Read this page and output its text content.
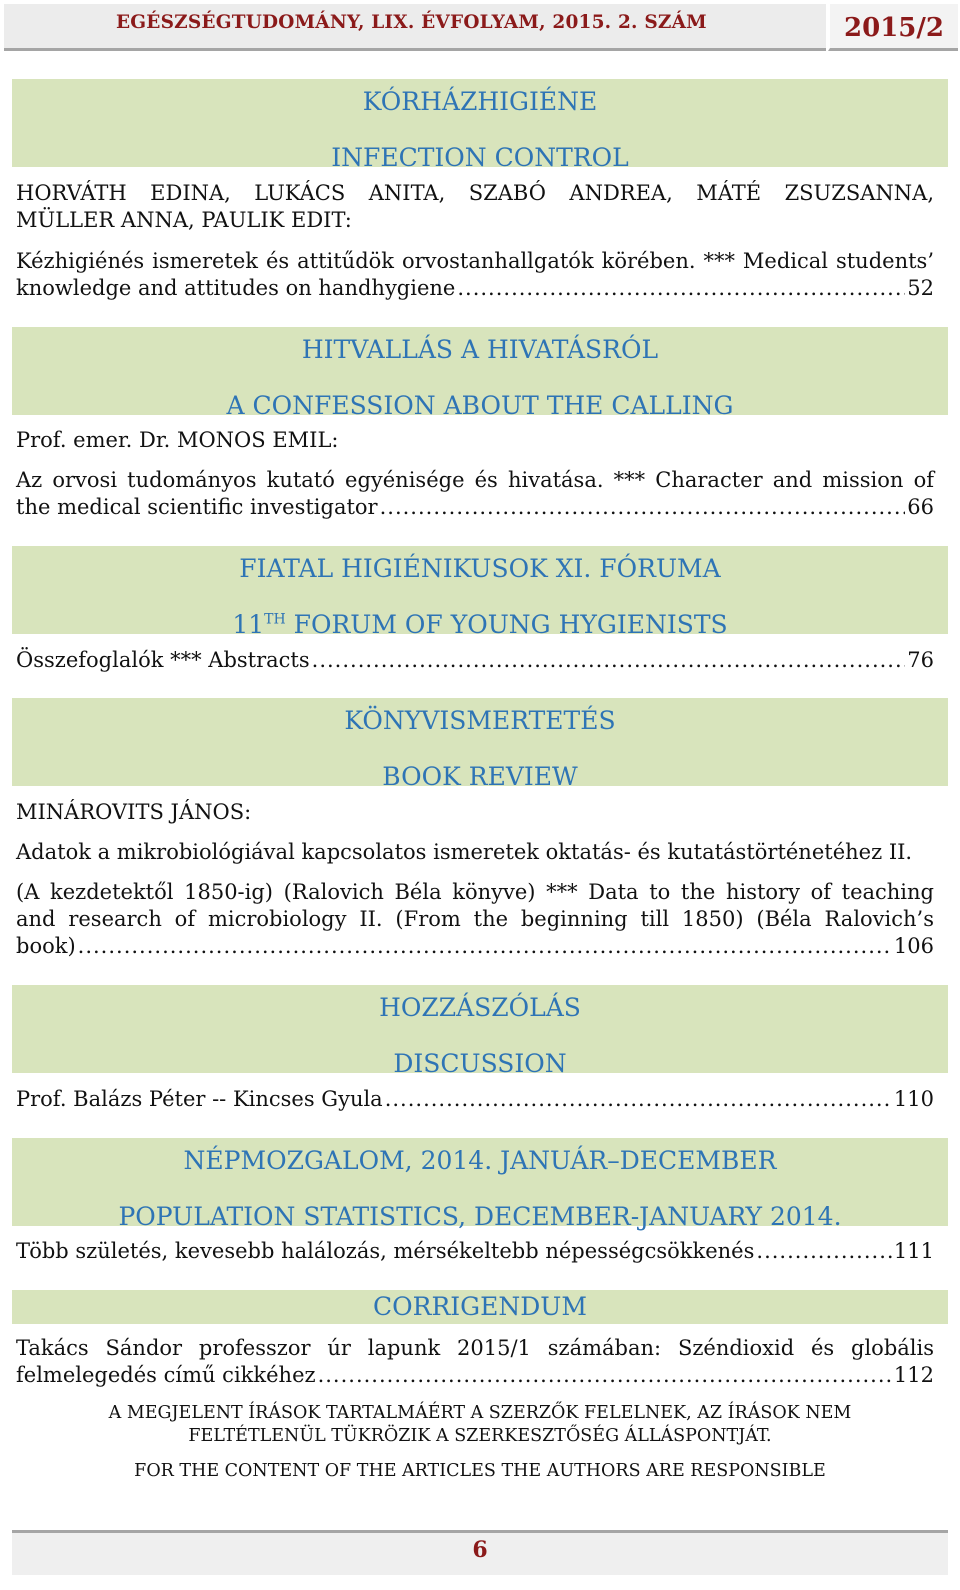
EGÉSZSÉGTUDOMÁNY, LIX. ÉVFOLYAM, 2015. 2. SZÁM	2015/2
KÓRHÁZHIGIÉNE
INFECTION CONTROL
HORVÁTH EDINA, LUKÁCS ANITA, SZABÓ ANDREA, MÁTÉ ZSUZSANNA,
MÜLLER ANNA, PAULIK EDIT:
Kézhigiénés ismeretek és attitűdök orvostanhallgatók körében. *** Medical students’
knowledge and attitudes on handhygiene .....	52
HITVALLÁS A HIVATÁSRÓL
A CONFESSION ABOUT THE CALLING
Prof. emer. Dr. MONOS EMIL:
Az orvosi tudományos kutató egyénisége és hivatása. *** Character and mission of
the medical scientific investigator .....	66
FIATAL HIGIÉNIKUSOK XI. FÓRUMA
11TH FORUM OF YOUNG HYGIENISTS
Összefoglalók *** Abstracts .....	76
KÖNYVISMERTETÉS
BOOK REVIEW
MINÁROVITS JÁNOS:
Adatok a mikrobiológiával kapcsolatos ismeretek oktatás- és kutatástörténetéhez II.
(A kezdetektől 1850-ig) (Ralovich Béla könyve) *** Data to the history of teaching
and research of microbiology II. (From the beginning till 1850) (Béla Ralovich’s
book) .....	106
HOZZÁSZÓLÁS
DISCUSSION
Prof. Balázs Péter -- Kincses Gyula .....	110
NÉPMOZGALOM, 2014. JANUÁR–DECEMBER
POPULATION STATISTICS, DECEMBER-JANUARY 2014.
Több születés, kevesebb halálozás, mérsékeltebb népességcsökkenés .....	111
CORRIGENDUM
Takács Sándor professzor úr lapunk 2015/1 számában: Széndioxid és globális
felmelegedés című cikkéhez .....	112
A MEGJELENT ÍRÁSOK TARTALMÁÉRT A SZERZŐK FELELNEK, AZ ÍRÁSOK NEM
FELTÉTLENÜL TÜKRÖZIK A SZERKESZTŐSÉG ÁLLÁSPONTJÁT.
FOR THE CONTENT OF THE ARTICLES THE AUTHORS ARE RESPONSIBLE
6
